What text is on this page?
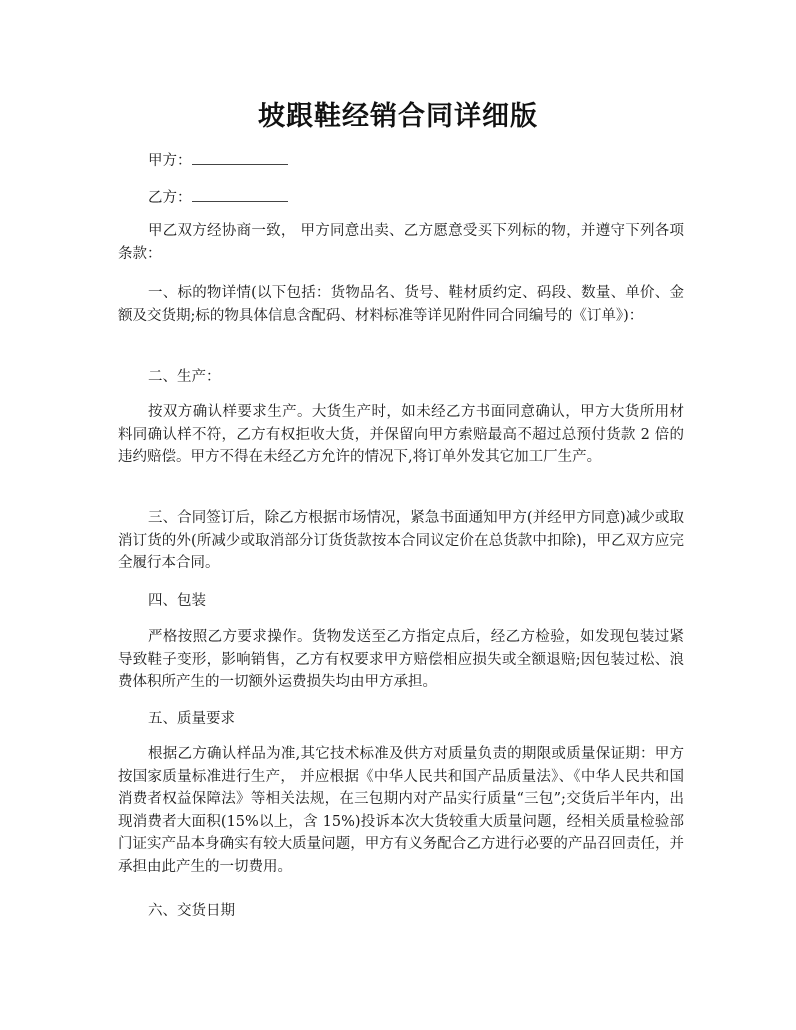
坡跟鞋经销合同详细版
甲方：
乙方：
甲乙双方经协商一致， 甲方同意出卖、乙方愿意受买下列标的物，并遵守下列各项条款：
一、标的物详情(以下包括：货物品名、货号、鞋材质约定、码段、数量、单价、金额及交货期;标的物具体信息含配码、材料标准等详见附件同合同编号的《订单》)：
二、生产：
按双方确认样要求生产。大货生产时，如未经乙方书面同意确认，甲方大货所用材料同确认样不符，乙方有权拒收大货，并保留向甲方索赔最高不超过总预付货款 2 倍的违约赔偿。甲方不得在未经乙方允许的情况下,将订单外发其它加工厂生产。
三、合同签订后，除乙方根据市场情况，紧急书面通知甲方(并经甲方同意)减少或取消订货的外(所减少或取消部分订货货款按本合同议定价在总货款中扣除)，甲乙双方应完全履行本合同。
四、包装
严格按照乙方要求操作。货物发送至乙方指定点后，经乙方检验，如发现包装过紧导致鞋子变形，影响销售，乙方有权要求甲方赔偿相应损失或全额退赔;因包装过松、浪费体积所产生的一切额外运费损失均由甲方承担。
五、质量要求
根据乙方确认样品为准,其它技术标准及供方对质量负责的期限或质量保证期：甲方按国家质量标准进行生产， 并应根据《中华人民共和国产品质量法》、《中华人民共和国消费者权益保障法》等相关法规，在三包期内对产品实行质量“三包”;交货后半年内，出现消费者大面积(15%以上，含 15%)投诉本次大货较重大质量问题，经相关质量检验部门证实产品本身确实有较大质量问题，甲方有义务配合乙方进行必要的产品召回责任，并承担由此产生的一切费用。
六、交货日期
